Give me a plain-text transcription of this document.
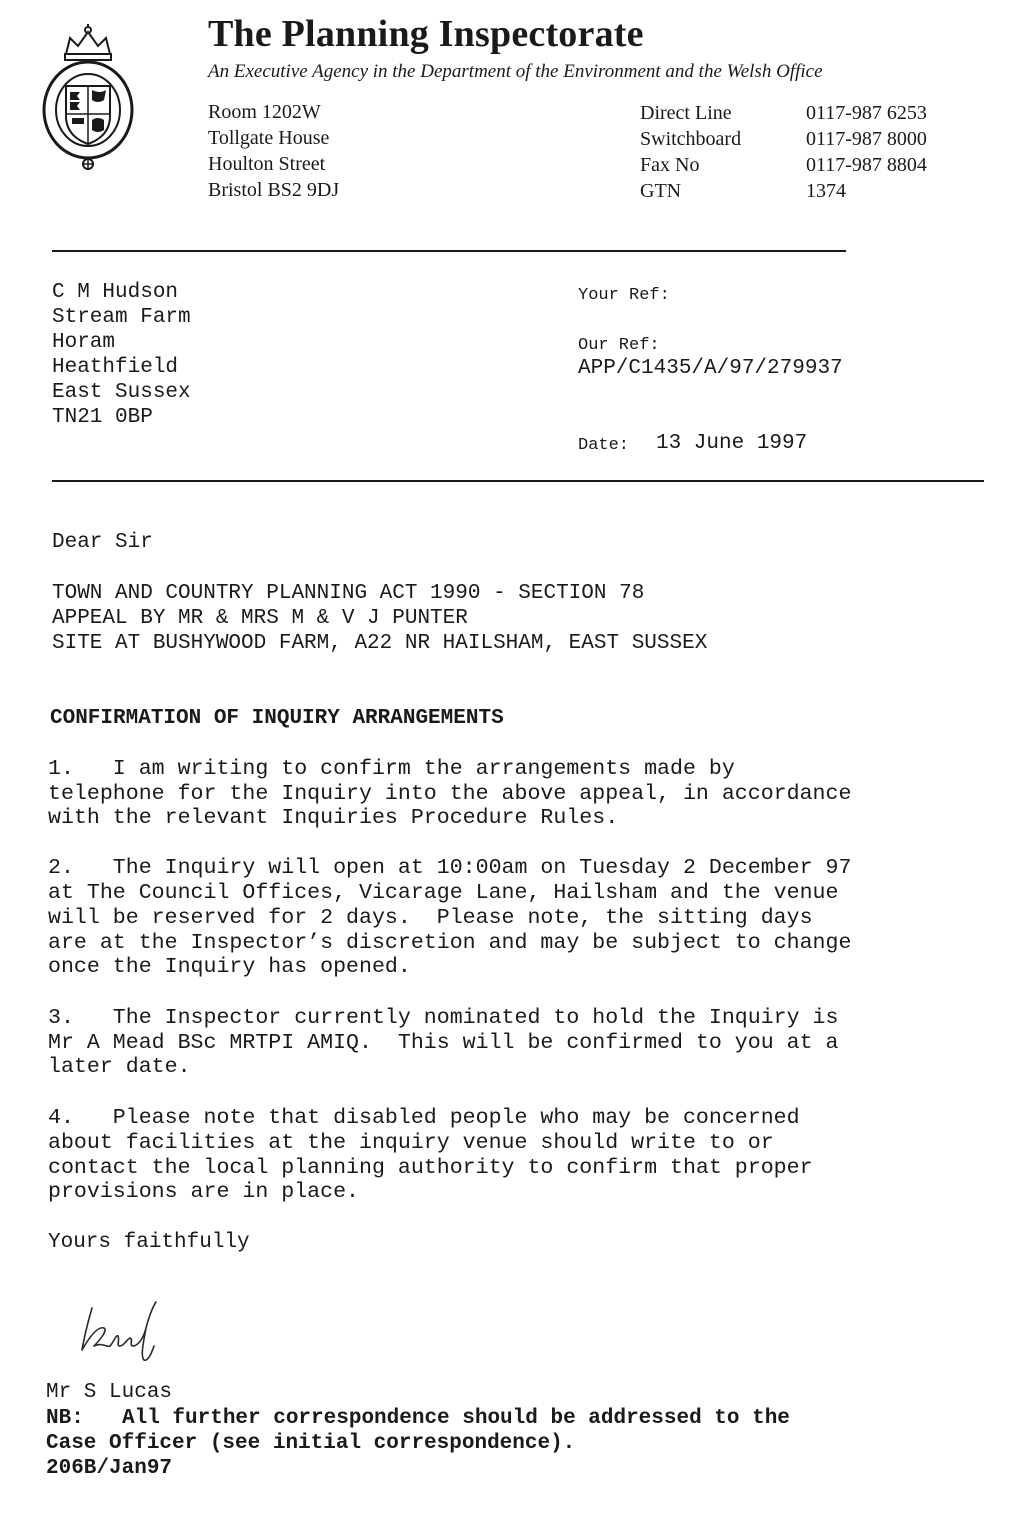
The Planning Inspectorate
An Executive Agency in the Department of the Environment and the Welsh Office
Room 1202W
Tollgate House
Houlton Street
Bristol BS2 9DJ
Direct Line	0117-987 6253
Switchboard	0117-987 8000
Fax No	0117-987 8804
GTN	1374
C M Hudson
Stream Farm
Horam
Heathfield
East Sussex
TN21 0BP
Your Ref:
Our Ref:
APP/C1435/A/97/279937
Date: 13 June 1997
Dear Sir
TOWN AND COUNTRY PLANNING ACT 1990 - SECTION 78
APPEAL BY MR & MRS M & V J PUNTER
SITE AT BUSHYWOOD FARM, A22 NR HAILSHAM, EAST SUSSEX
CONFIRMATION OF INQUIRY ARRANGEMENTS
1.   I am writing to confirm the arrangements made by
telephone for the Inquiry into the above appeal, in accordance
with the relevant Inquiries Procedure Rules.
2.   The Inquiry will open at 10:00am on Tuesday 2 December 97
at The Council Offices, Vicarage Lane, Hailsham and the venue
will be reserved for 2 days.  Please note, the sitting days
are at the Inspector’s discretion and may be subject to change
once the Inquiry has opened.
3.   The Inspector currently nominated to hold the Inquiry is
Mr A Mead BSc MRTPI AMIQ.  This will be confirmed to you at a
later date.
4.   Please note that disabled people who may be concerned
about facilities at the inquiry venue should write to or
contact the local planning authority to confirm that proper
provisions are in place.
Yours faithfully
Mr S Lucas
NB: All further correspondence should be addressed to the
Case Officer (see initial correspondence).
206B/Jan97
